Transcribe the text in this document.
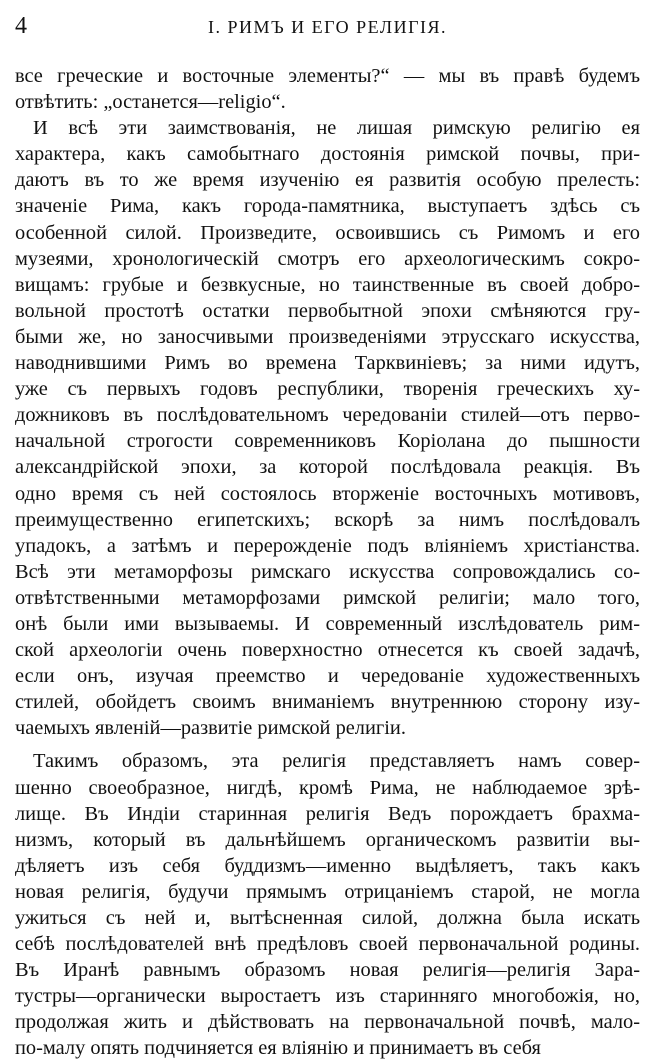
4	I. РИМЪ И ЕГО РЕЛИГІЯ.
все греческие и восточные элементы?“ — мы въ правѣ будемъ
отвѣтить: „останется—religio“.
И всѣ эти заимствованія, не лишая римскую религію ея
характера, какъ самобытнаго достоянія римской почвы, при-
даютъ въ то же время изученію ея развитія особую прелесть:
значеніе Рима, какъ города-памятника, выступаетъ здѣсь съ
особенной силой. Произведите, освоившись съ Римомъ и его
музеями, хронологическій смотръ его археологическимъ сокро-
вищамъ: грубые и безвкусные, но таинственные въ своей добро-
вольной простотѣ остатки первобытной эпохи смѣняются гру-
быми же, но заносчивыми произведеніями этрусскаго искусства,
наводнившими Римъ во времена Тарквиніевъ; за ними идутъ,
уже съ первыхъ годовъ республики, творенія греческихъ ху-
дожниковъ въ послѣдовательномъ чередованіи стилей—отъ перво-
начальной строгости современниковъ Коріолана до пышности
александрійской эпохи, за которой послѣдовала реакція. Въ
одно время съ ней состоялось вторженіе восточныхъ мотивовъ,
преимущественно египетскихъ; вскорѣ за нимъ послѣдовалъ
упадокъ, а затѣмъ и перерожденіе подъ вліяніемъ христіанства.
Всѣ эти метаморфозы римскаго искусства сопровождались со-
отвѣтственными метаморфозами римской религіи; мало того,
онѣ были ими вызываемы. И современный изслѣдователь рим-
ской археологіи очень поверхностно отнесется къ своей задачѣ,
если онъ, изучая преемство и чередованіе художественныхъ
стилей, обойдетъ своимъ вниманіемъ внутреннюю сторону изу-
чаемыхъ явленій—развитіе римской религіи.
Такимъ образомъ, эта религія представляетъ намъ совер-
шенно своеобразное, нигдѣ, кромѣ Рима, не наблюдаемое зрѣ-
лище. Въ Индіи старинная религія Ведъ порождаетъ брахма-
низмъ, который въ дальнѣйшемъ органическомъ развитіи вы-
дѣляетъ изъ себя буддизмъ—именно выдѣляетъ, такъ какъ
новая религія, будучи прямымъ отрицаніемъ старой, не могла
ужиться съ ней и, вытѣсненная силой, должна была искать
себѣ послѣдователей внѣ предѣловъ своей первоначальной родины.
Въ Иранѣ равнымъ образомъ новая религія—религія Зара-
тустры—органически выростаетъ изъ старинняго многобожія, но,
продолжая жить и дѣйствовать на первоначальной почвѣ, мало-
по-малу опять подчиняется ея вліянію и принимаетъ въ себя
